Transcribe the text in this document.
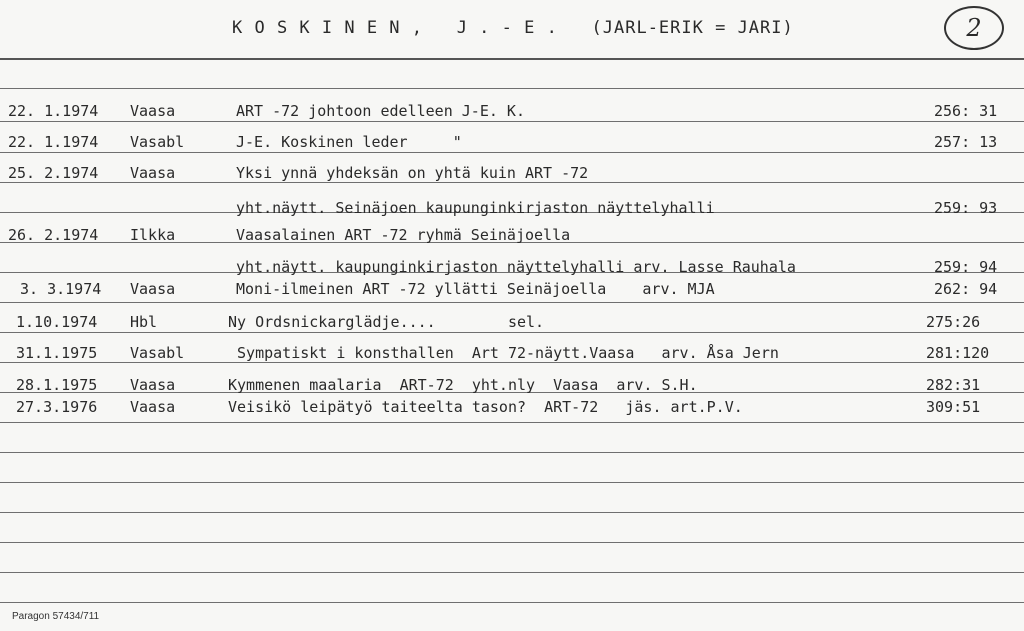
K O S K I N E N ,   J . - E .   (JARL-ERIK = JARI)	2
22. 1.1974 Vaasa	ART -72 johtoon edelleen J-E. K.	256: 31
22. 1.1974 Vasabl	J-E. Koskinen leder     "	257: 13
25. 2.1974 Vaasa	Yksi ynnä yhdeksän on yhtä kuin ART -72
yht.näytt. Seinäjoen kaupunginkirjaston näyttelyhalli	259: 93
26. 2.1974 Ilkka	Vaasalainen ART -72 ryhmä Seinäjoella
yht.näytt. kaupunginkirjaston näyttelyhalli arv. Lasse Rauhala	259: 94
3. 3.1974 Vaasa	Moni-ilmeinen ART -72 yllätti Seinäjoella    arv. MJA	262: 94
1.10.1974 Hbl	Ny Ordsnickarglädje....        sel.	275:26
31.1.1975 Vasabl	Sympatiskt i konsthallen  Art 72-näytt.Vaasa   arv. Åsa Jern	281:120
28.1.1975 Vaasa	Kymmenen maalaria  ART-72  yht.nly  Vaasa  arv. S.H.	282:31
27.3.1976 Vaasa	Veisikö leipätyö taiteelta tason?  ART-72   jäs. art.P.V.	309:51
Paragon 57434/711
